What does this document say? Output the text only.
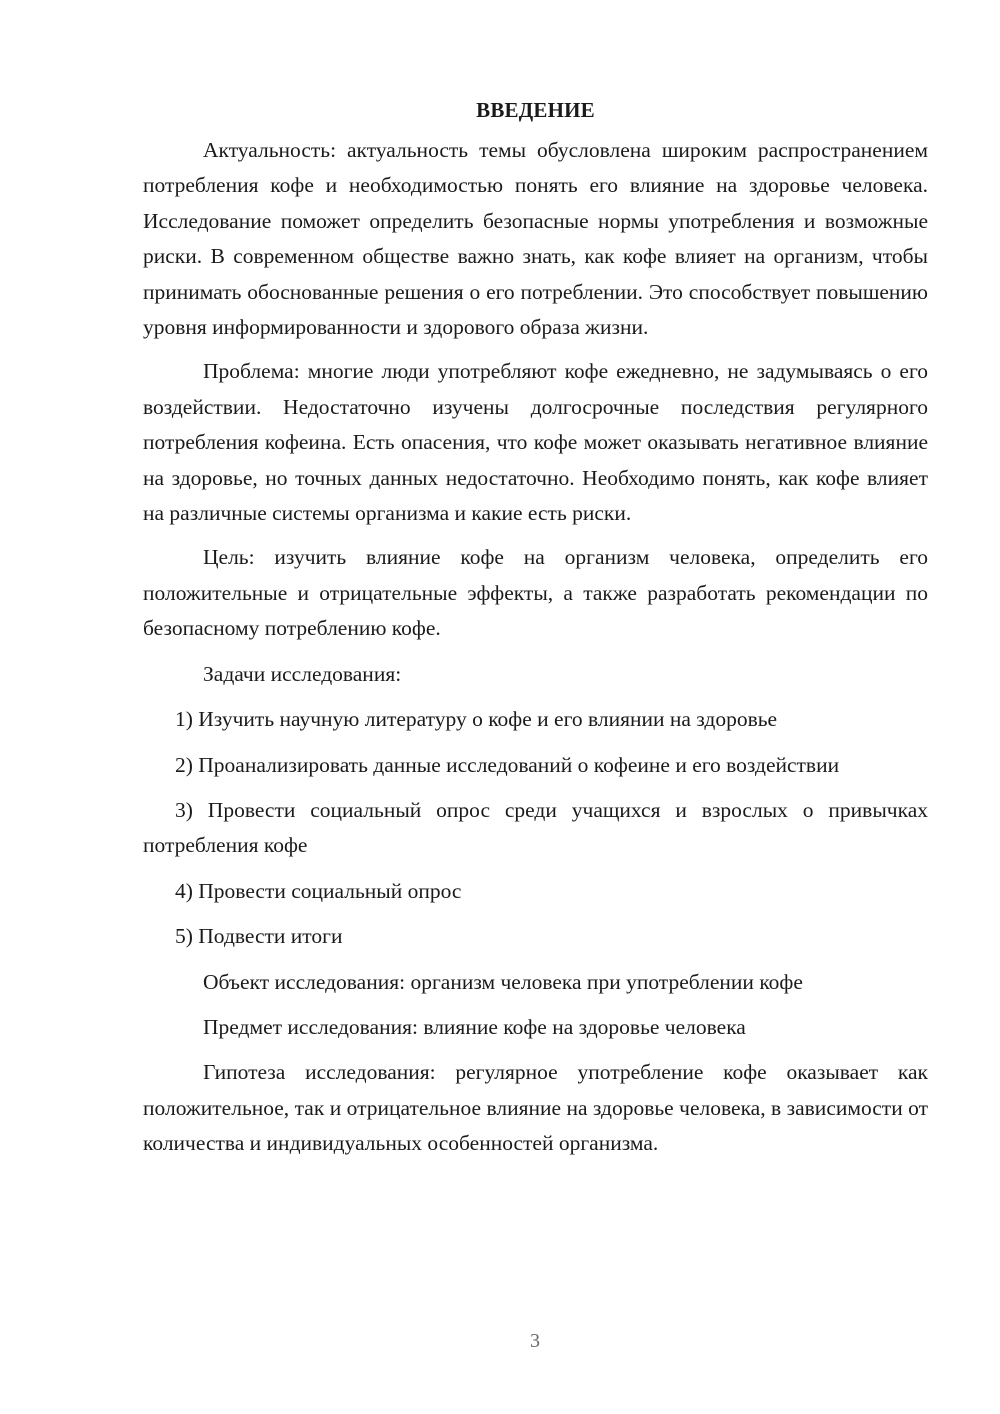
ВВЕДЕНИЕ

Актуальность: актуальность темы обусловлена широким распространением потребления кофе и необходимостью понять его влияние на здоровье человека. Исследование поможет определить безопасные нормы употребления и возможные риски. В современном обществе важно знать, как кофе влияет на организм, чтобы принимать обоснованные решения о его потреблении. Это способствует повышению уровня информированности и здорового образа жизни.

Проблема: многие люди употребляют кофе ежедневно, не задумываясь о его воздействии. Недостаточно изучены долгосрочные последствия регулярного потребления кофеина. Есть опасения, что кофе может оказывать негативное влияние на здоровье, но точных данных недостаточно. Необходимо понять, как кофе влияет на различные системы организма и какие есть риски.

Цель: изучить влияние кофе на организм человека, определить его положительные и отрицательные эффекты, а также разработать рекомендации по безопасному потреблению кофе.

Задачи исследования:

1) Изучить научную литературу о кофе и его влиянии на здоровье

2) Проанализировать данные исследований о кофеине и его воздействии

3) Провести социальный опрос среди учащихся и взрослых о привычках потребления кофе

4) Провести социальный опрос

5) Подвести итоги

Объект исследования: организм человека при употреблении кофе

Предмет исследования: влияние кофе на здоровье человека

Гипотеза исследования: регулярное употребление кофе оказывает как положительное, так и отрицательное влияние на здоровье человека, в зависимости от количества и индивидуальных особенностей организма.

3
